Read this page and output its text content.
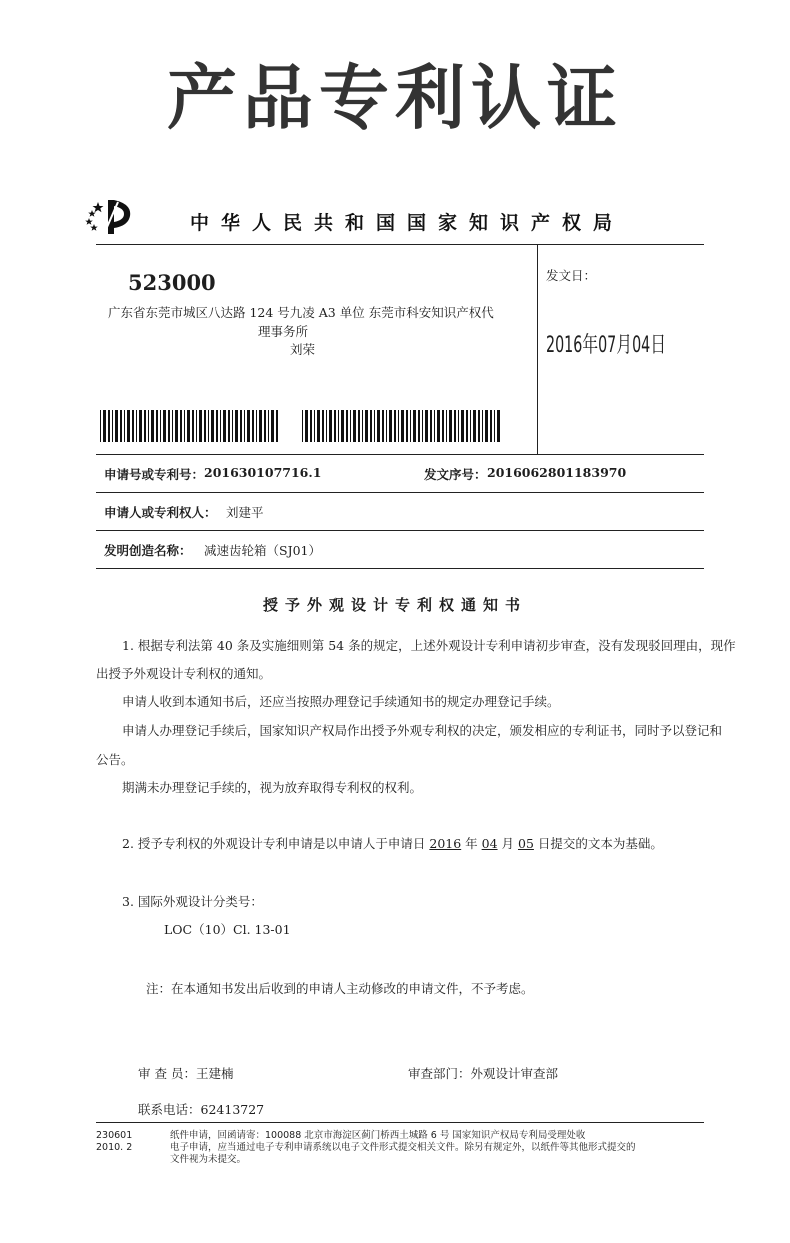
产品专利认证
中华人民共和国国家知识产权局
523000
广东省东莞市城区八达路 124 号九凌 A3 单位 东莞市科安知识产权代
理事务所
刘荣
发文日：
2016年07月04日
申请号或专利号： 201630107716.1	发文序号： 2016062801183970
申请人或专利权人： 刘建平
发明创造名称： 减速齿轮箱（SJ01）
授予外观设计专利权通知书
1. 根据专利法第 40 条及实施细则第 54 条的规定，上述外观设计专利申请初步审查，没有发现驳回理由，现作
出授予外观设计专利权的通知。
申请人收到本通知书后，还应当按照办理登记手续通知书的规定办理登记手续。
申请人办理登记手续后，国家知识产权局作出授予外观专利权的决定，颁发相应的专利证书，同时予以登记和
公告。
期满未办理登记手续的，视为放弃取得专利权的权利。
2. 授予专利权的外观设计专利申请是以申请人于申请日 2016 年 04 月 05 日提交的文本为基础。
3. 国际外观设计分类号：
LOC（10）Cl. 13-01
注：在本通知书发出后收到的申请人主动修改的申请文件，不予考虑。
审 查 员：王建楠	审查部门：外观设计审查部
联系电话：62413727
230601
2010. 2
纸件申请，回函请寄：100088 北京市海淀区蓟门桥西土城路 6 号 国家知识产权局专利局受理处收
电子申请，应当通过电子专利申请系统以电子文件形式提交相关文件。除另有规定外，以纸件等其他形式提交的
文件视为未提交。
